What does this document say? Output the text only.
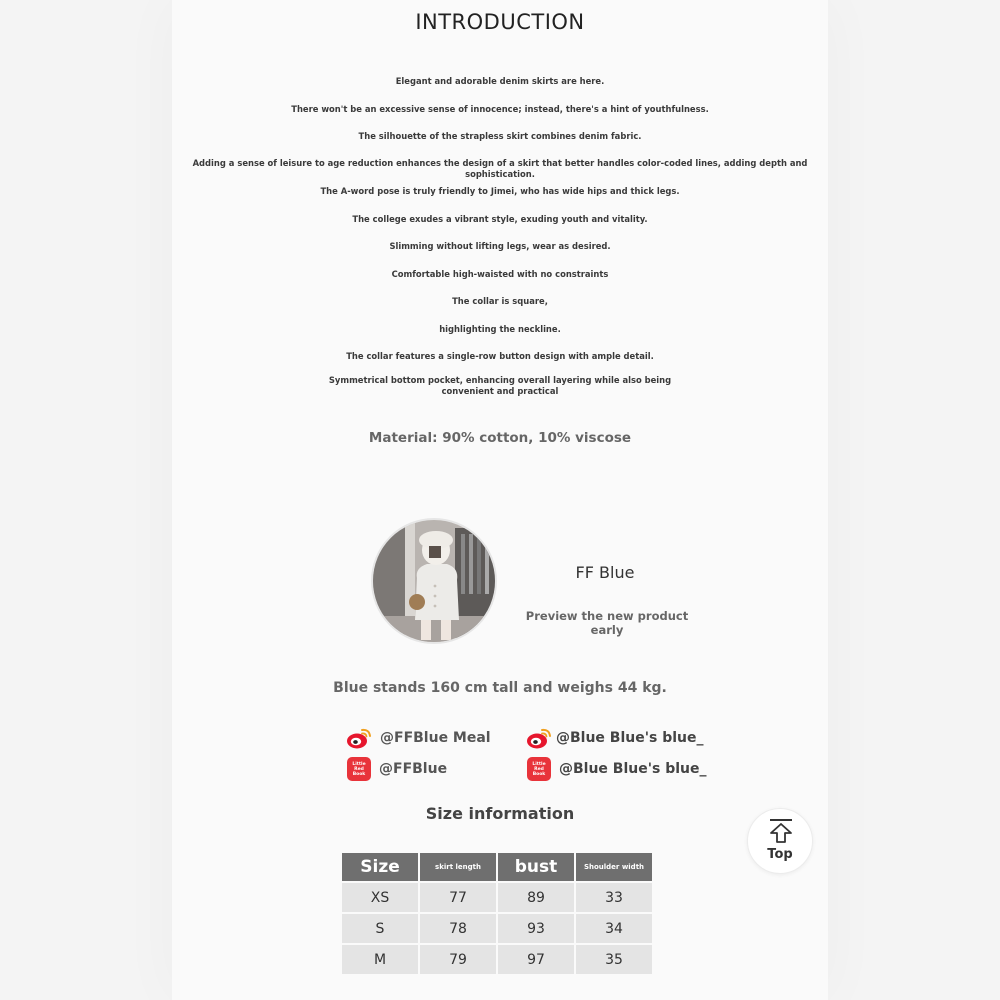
INTRODUCTION
Elegant and adorable denim skirts are here.
There won't be an excessive sense of innocence; instead, there's a hint of youthfulness.
The silhouette of the strapless skirt combines denim fabric.
Adding a sense of leisure to age reduction enhances the design of a skirt that better handles color-coded lines, adding depth and sophistication.
The A-word pose is truly friendly to Jimei, who has wide hips and thick legs.
The college exudes a vibrant style, exuding youth and vitality.
Slimming without lifting legs, wear as desired.
Comfortable high-waisted with no constraints
The collar is square,
highlighting the neckline.
The collar features a single-row button design with ample detail.
Symmetrical bottom pocket, enhancing overall layering while also being convenient and practical
Material: 90% cotton, 10% viscose
FF Blue
Preview the new product early
Blue stands 160 cm tall and weighs 44 kg.
@FFBlue Meal	@Blue Blue's blue_
Little Red Book @FFBlue	Little Red Book @Blue Blue's blue_
Size information
Size	skirt length	bust	Shoulder width
XS	77	89	33
S	78	93	34
M	79	97	35
Top
